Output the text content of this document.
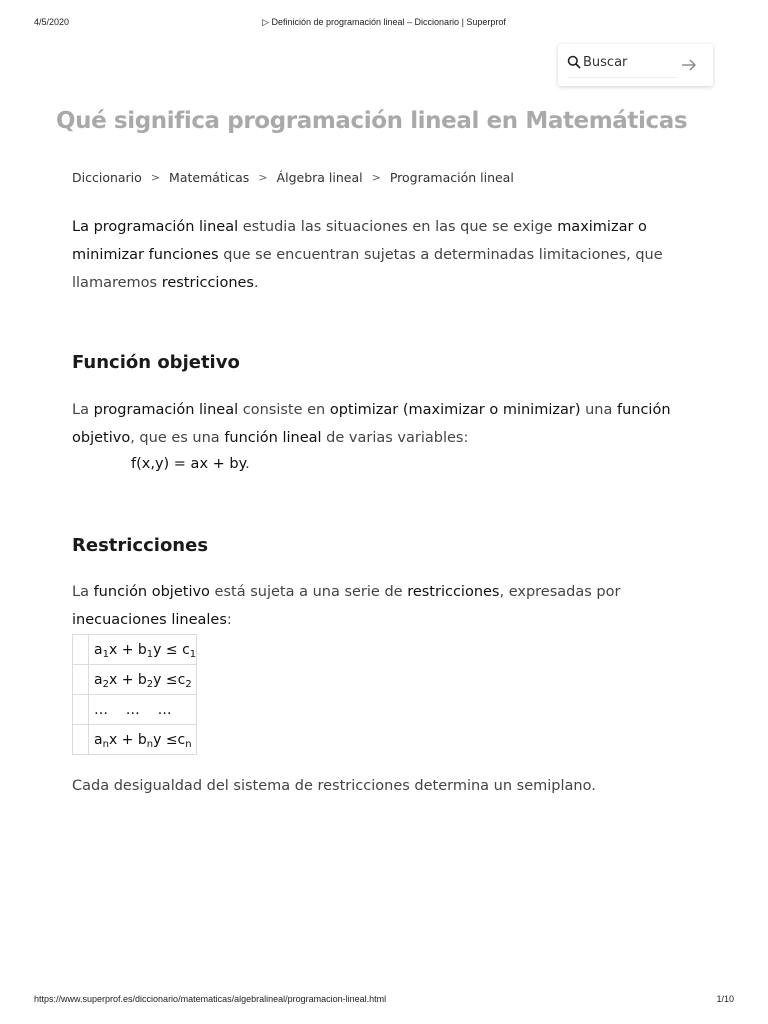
4/5/2020	▷ Definición de programación lineal – Diccionario | Superprof
Buscar
Qué significa programación lineal en Matemáticas
Diccionario > Matemáticas > Álgebra lineal > Programación lineal

La programación lineal estudia las situaciones en las que se exige maximizar o minimizar funciones que se encuentran sujetas a determinadas limitaciones, que llamaremos restricciones.

Función objetivo

La programación lineal consiste en optimizar (maximizar o minimizar) una función objetivo, que es una función lineal de varias variables:

f(x,y) = ax + by.
Restricciones

La función objetivo está sujeta a una serie de restricciones, expresadas por inecuaciones lineales:

	$a_1x + b_1y \le c_1$
	$a_2x + b_2y \le c_2$
	…    …    …
	$a_nx + b_ny \le c_n$

Cada desigualdad del sistema de restricciones determina un semiplano.

https://www.superprof.es/diccionario/matematicas/algebralineal/programacion-lineal.html	1/10
